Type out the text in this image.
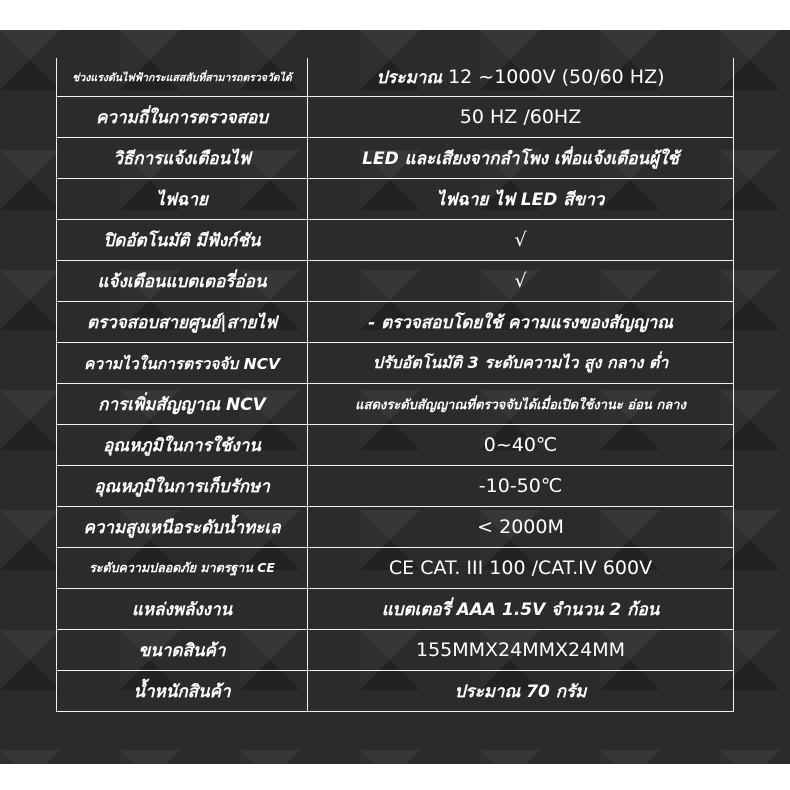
ช่วงแรงดันไฟฟ้ากระแสสลับที่สามารถตรวจวัดได้	ประมาณ 12 ~1000V (50/60 HZ)
ความถี่ในการตรวจสอบ	50 HZ /60HZ
วิธีการแจ้งเตือนไฟ	LED และเสียงจากลำโพง เพื่อแจ้งเตือนผู้ใช้
ไฟฉาย	ไฟฉาย ไฟ LED สีขาว
ปิดอัตโนมัติ มีฟังก์ชัน	√
แจ้งเตือนแบตเตอรี่อ่อน	√
ตรวจสอบสายศูนย์|สายไฟ	- ตรวจสอบโดยใช้ ความแรงของสัญญาณ
ความไวในการตรวจจับ NCV	ปรับอัตโนมัติ 3 ระดับความไว สูง กลาง ต่ำ
การเพิ่มสัญญาณ NCV	แสดงระดับสัญญาณที่ตรวจจับได้เมื่อเปิดใช้งานะ อ่อน กลาง
อุณหภูมิในการใช้งาน	0~40℃
อุณหภูมิในการเก็บรักษา	-10-50℃
ความสูงเหนือระดับน้ำทะเล	< 2000M
ระดับความปลอดภัย มาตรฐาน CE	CE CAT. III 100 /CAT.IV 600V
แหล่งพลังงาน	แบตเตอรี่ AAA 1.5V จำนวน 2 ก้อน
ขนาดสินค้า	155MMX24MMX24MM
น้ำหนักสินค้า	ประมาณ 70 กรัม
